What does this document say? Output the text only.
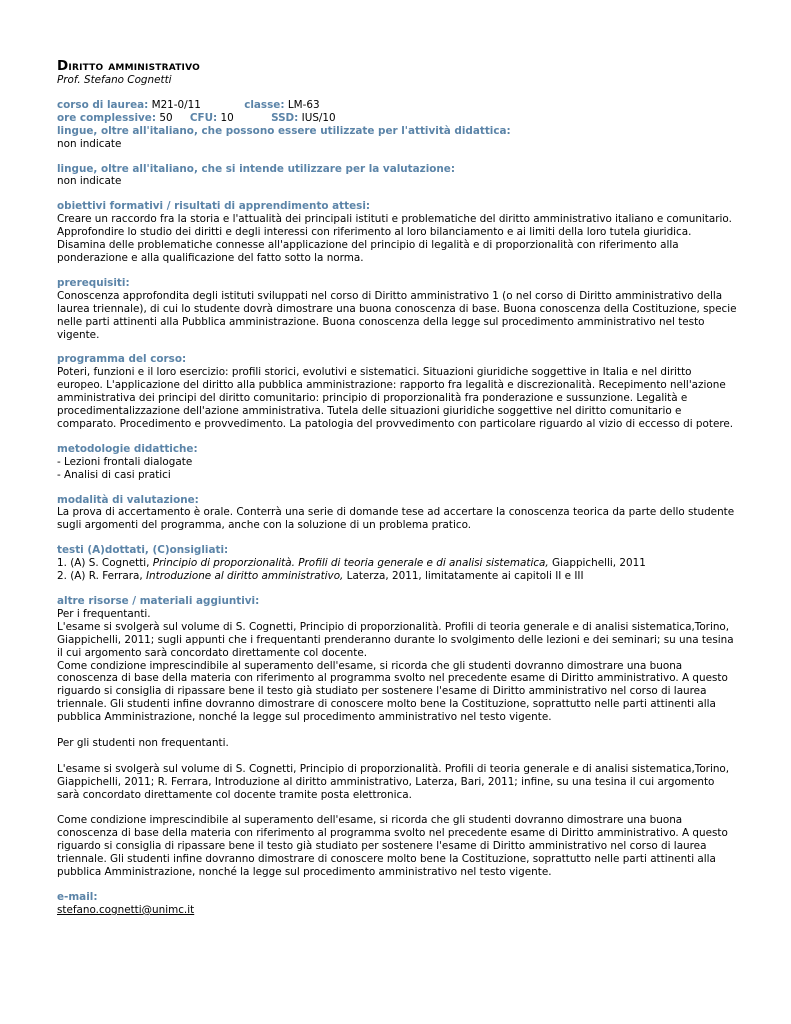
Diritto amministrativo
Prof. Stefano Cognetti
corso di laurea: M21-0/11	classe: LM-63
ore complessive: 50 CFU: 10	SSD: IUS/10
lingue, oltre all'italiano, che possono essere utilizzate per l'attività didattica:

non indicate

lingue, oltre all'italiano, che si intende utilizzare per la valutazione:

non indicate

obiettivi formativi / risultati di apprendimento attesi:

Creare un raccordo fra la storia e l'attualità dei principali istituti e problematiche del diritto amministrativo italiano e comunitario. Approfondire lo studio dei diritti e degli interessi con riferimento al loro bilanciamento e ai limiti della loro tutela giuridica. Disamina delle problematiche connesse all'applicazione del principio di legalità e di proporzionalità con riferimento alla ponderazione e alla qualificazione del fatto sotto la norma.

prerequisiti:

Conoscenza approfondita degli istituti sviluppati nel corso di Diritto amministrativo 1 (o nel corso di Diritto amministrativo della laurea triennale), di cui lo studente dovrà dimostrare una buona conoscenza di base. Buona conoscenza della Costituzione, specie nelle parti attinenti alla Pubblica amministrazione. Buona conoscenza della legge sul procedimento amministrativo nel testo vigente.

programma del corso:

Poteri, funzioni e il loro esercizio: profili storici, evolutivi e sistematici. Situazioni giuridiche soggettive in Italia e nel diritto europeo. L'applicazione del diritto alla pubblica amministrazione: rapporto fra legalità e discrezionalità. Recepimento nell'azione amministrativa dei principi del diritto comunitario: principio di proporzionalità fra ponderazione e sussunzione. Legalità e procedimentalizzazione dell'azione amministrativa. Tutela delle situazioni giuridiche soggettive nel diritto comunitario e comparato. Procedimento e provvedimento. La patologia del provvedimento con particolare riguardo al vizio di eccesso di potere.

metodologie didattiche:

- Lezioni frontali dialogate

- Analisi di casi pratici

modalità di valutazione:

La prova di accertamento è orale. Conterrà una serie di domande tese ad accertare la conoscenza teorica da parte dello studente sugli argomenti del programma, anche con la soluzione di un problema pratico.

testi (A)dottati, (C)onsigliati:
1. (A) S. Cognetti, Principio di proporzionalità. Profili di teoria generale e di analisi sistematica, Giappichelli, 2011
2. (A) R. Ferrara, Introduzione al diritto amministrativo, Laterza, 2011, limitatamente ai capitoli II e III
altre risorse / materiali aggiuntivi:

Per i frequentanti.

L'esame si svolgerà sul volume di S. Cognetti, Principio di proporzionalità. Profili di teoria generale e di analisi sistematica,Torino, Giappichelli, 2011; sugli appunti che i frequentanti prenderanno durante lo svolgimento delle lezioni e dei seminari; su una tesina il cui argomento sarà concordato direttamente col docente.

Come condizione imprescindibile al superamento dell'esame, si ricorda che gli studenti dovranno dimostrare una buona conoscenza di base della materia con riferimento al programma svolto nel precedente esame di Diritto amministrativo. A questo riguardo si consiglia di ripassare bene il testo già studiato per sostenere l'esame di Diritto amministrativo nel corso di laurea triennale. Gli studenti infine dovranno dimostrare di conoscere molto bene la Costituzione, soprattutto nelle parti attinenti alla pubblica Amministrazione, nonché la legge sul procedimento amministrativo nel testo vigente.

Per gli studenti non frequentanti.

L'esame si svolgerà sul volume di S. Cognetti, Principio di proporzionalità. Profili di teoria generale e di analisi sistematica,Torino, Giappichelli, 2011; R. Ferrara, Introduzione al diritto amministrativo, Laterza, Bari, 2011; infine, su una tesina il cui argomento sarà concordato direttamente col docente tramite posta elettronica.

Come condizione imprescindibile al superamento dell'esame, si ricorda che gli studenti dovranno dimostrare una buona conoscenza di base della materia con riferimento al programma svolto nel precedente esame di Diritto amministrativo. A questo riguardo si consiglia di ripassare bene il testo già studiato per sostenere l'esame di Diritto amministrativo nel corso di laurea triennale. Gli studenti infine dovranno dimostrare di conoscere molto bene la Costituzione, soprattutto nelle parti attinenti alla pubblica Amministrazione, nonché la legge sul procedimento amministrativo nel testo vigente.

e-mail:
stefano.cognetti@unimc.it
